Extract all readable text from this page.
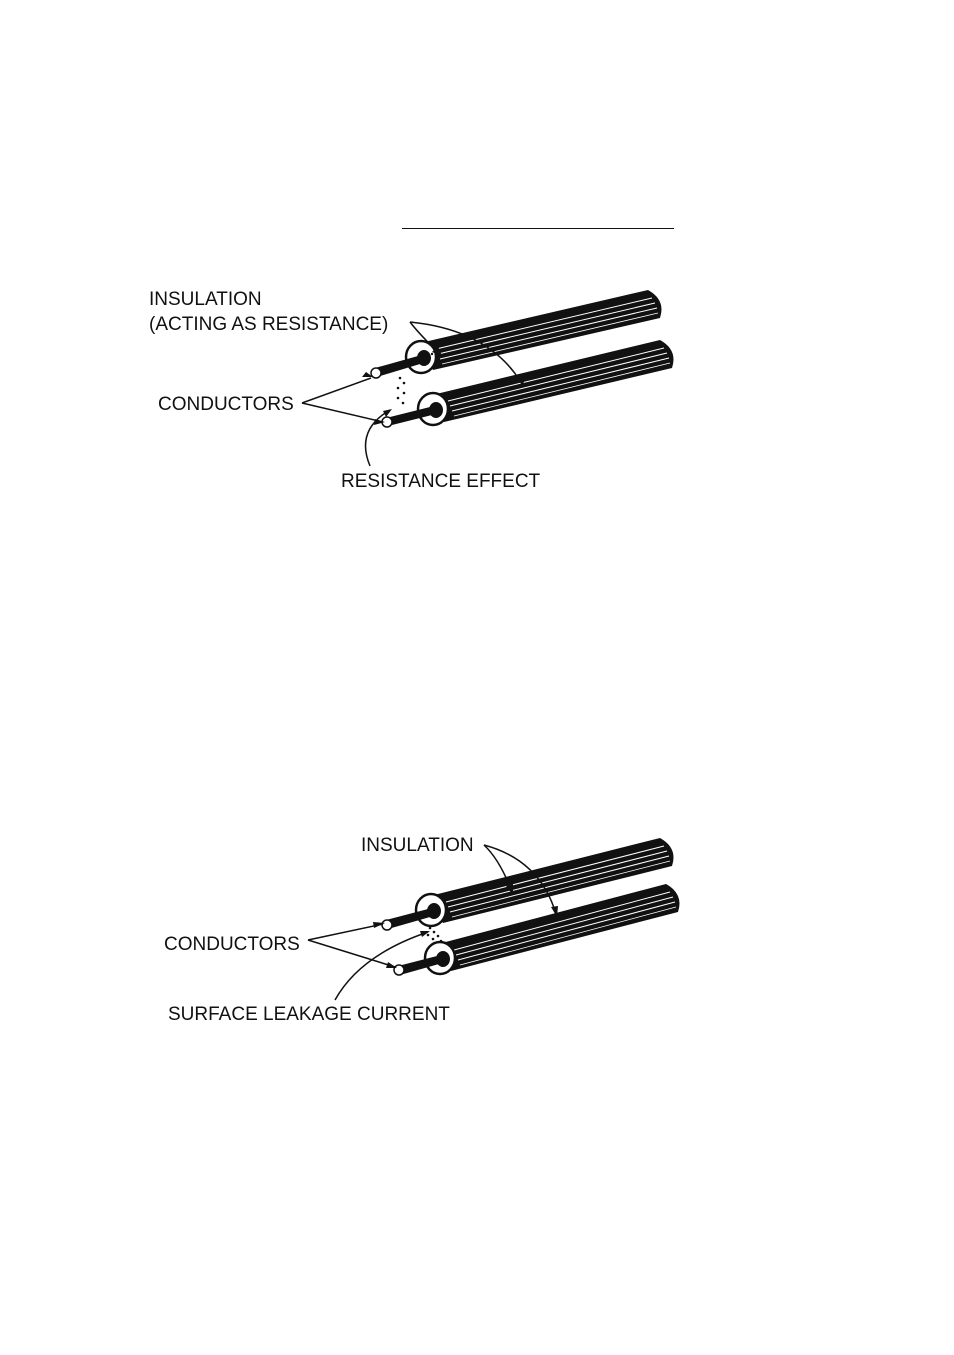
INSULATION
(ACTING AS RESISTANCE)
CONDUCTORS
RESISTANCE EFFECT
INSULATION
CONDUCTORS
SURFACE LEAKAGE CURRENT
